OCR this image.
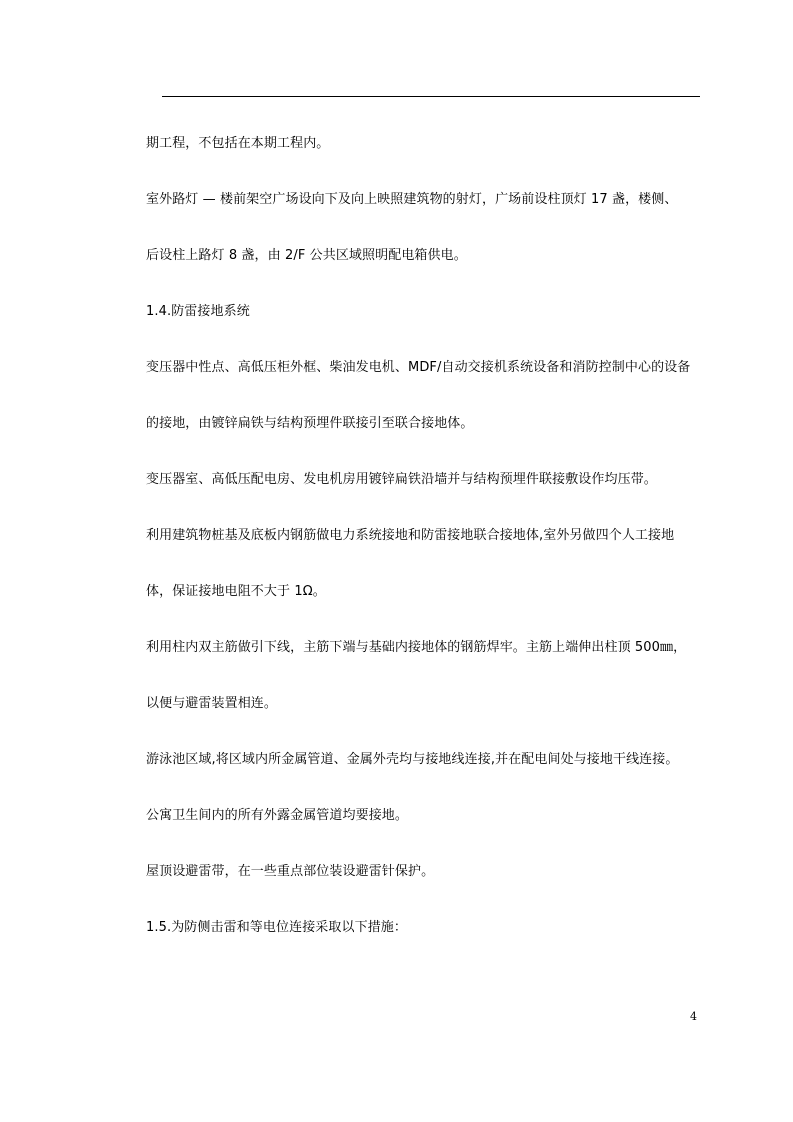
期工程，不包括在本期工程内。
室外路灯 — 楼前架空广场设向下及向上映照建筑物的射灯，广场前设柱顶灯 17 盏，楼侧、
后设柱上路灯 8 盏，由 2/F 公共区域照明配电箱供电。
1.4.防雷接地系统
变压器中性点、高低压柜外框、柴油发电机、MDF/自动交接机系统设备和消防控制中心的设备
的接地，由镀锌扁铁与结构预埋件联接引至联合接地体。
变压器室、高低压配电房、发电机房用镀锌扁铁沿墙并与结构预埋件联接敷设作均压带。
利用建筑物桩基及底板内钢筋做电力系统接地和防雷接地联合接地体,室外另做四个人工接地
体，保证接地电阻不大于 1Ω。
利用柱内双主筋做引下线，主筋下端与基础内接地体的钢筋焊牢。主筋上端伸出柱顶 500㎜，
以便与避雷装置相连。
游泳池区域,将区域内所金属管道、金属外壳均与接地线连接,并在配电间处与接地干线连接。
公寓卫生间内的所有外露金属管道均要接地。
屋顶设避雷带，在一些重点部位装设避雷针保护。
1.5.为防侧击雷和等电位连接采取以下措施：
4
